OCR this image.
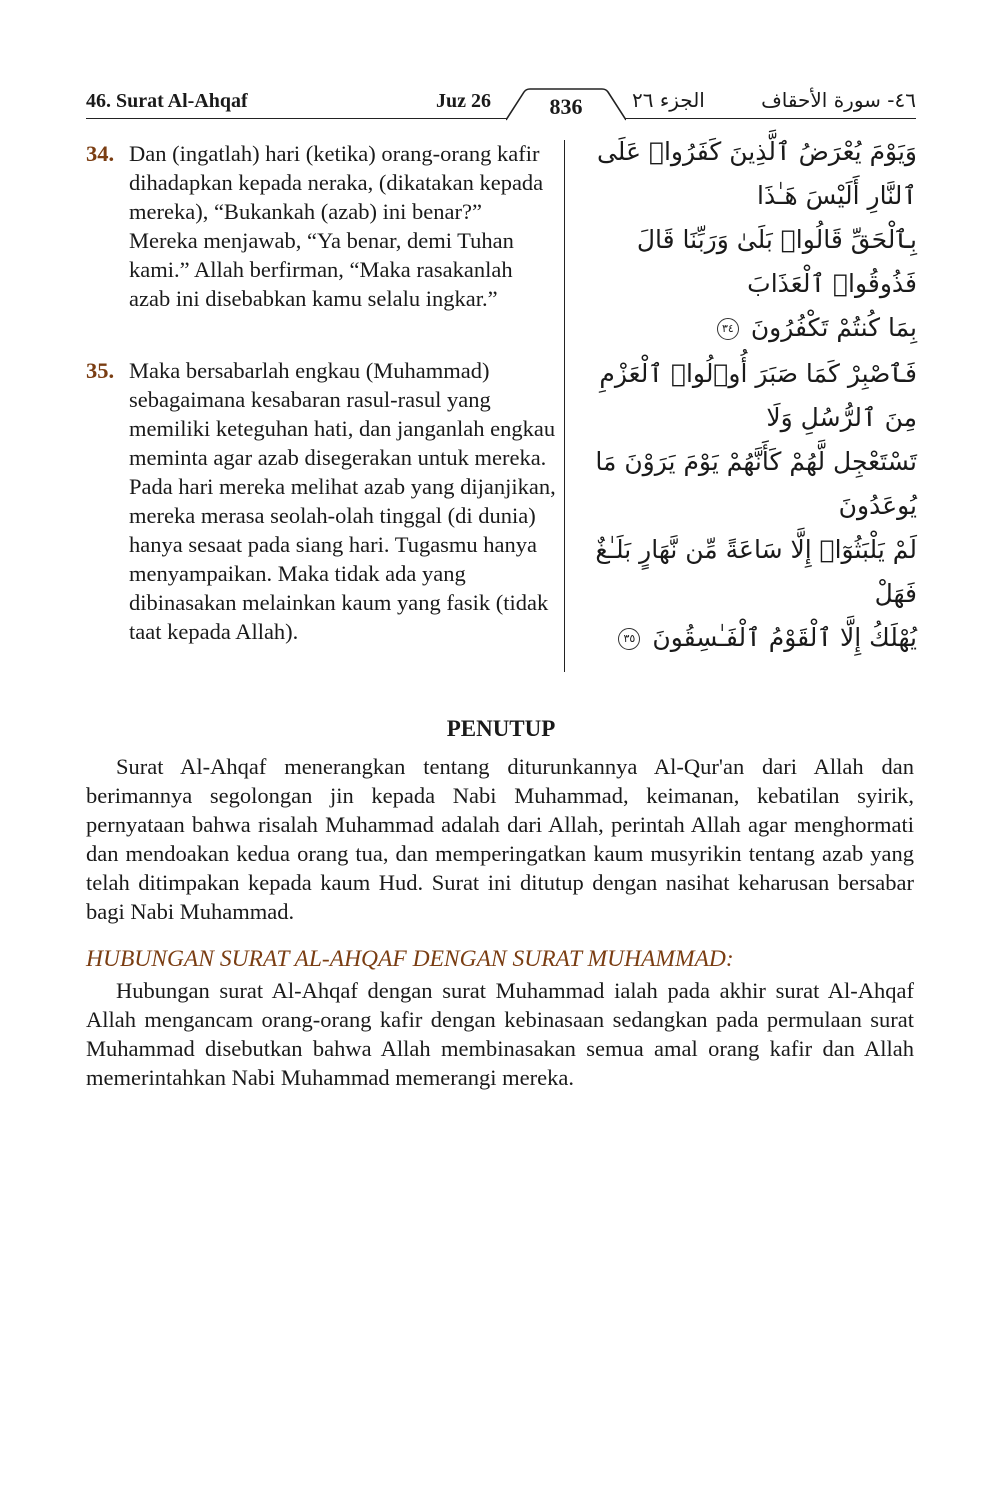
46. Surat Al-Ahqaf	Juz 26	836	الجزء ٢٦	٤٦- سورة الأحقاف
34. Dan (ingatlah) hari (ketika) orang-orang kafir dihadapkan kepada neraka, (dikatakan kepada mereka), “Bukankah (azab) ini benar?” Mereka menjawab, “Ya benar, demi Tuhan kami.” Allah berfirman, “Maka rasakanlah azab ini disebabkan kamu selalu ingkar.”
وَيَوْمَ يُعْرَضُ ٱلَّذِينَ كَفَرُوا۟ عَلَى ٱلنَّارِ أَلَيْسَ هَـٰذَا
بِٱلْحَقِّ قَالُوا۟ بَلَىٰ وَرَبِّنَا قَالَ فَذُوقُوا۟ ٱلْعَذَابَ
بِمَا كُنتُمْ تَكْفُرُونَ ٣٤
35. Maka bersabarlah engkau (Muhammad) sebagaimana kesabaran rasul-rasul yang memiliki keteguhan hati, dan janganlah engkau meminta agar azab disegerakan untuk mereka. Pada hari mereka melihat azab yang dijanjikan, mereka merasa seolah-olah tinggal (di dunia) hanya sesaat pada siang hari. Tugasmu hanya menyampaikan. Maka tidak ada yang dibinasakan melainkan kaum yang fasik (tidak taat kepada Allah).
فَٱصْبِرْ كَمَا صَبَرَ أُو۟لُوا۟ ٱلْعَزْمِ مِنَ ٱلرُّسُلِ وَلَا
تَسْتَعْجِل لَّهُمْ كَأَنَّهُمْ يَوْمَ يَرَوْنَ مَا يُوعَدُونَ
لَمْ يَلْبَثُوٓا۟ إِلَّا سَاعَةً مِّن نَّهَارٍ بَلَـٰغٌ فَهَلْ
يُهْلَكُ إِلَّا ٱلْقَوْمُ ٱلْفَـٰسِقُونَ ٣٥
PENUTUP
Surat Al-Ahqaf menerangkan tentang diturunkannya Al-Qur'an dari Allah dan berimannya segolongan jin kepada Nabi Muhammad, keimanan, kebatilan syirik, pernyataan bahwa risalah Muhammad adalah dari Allah, perintah Allah agar menghormati dan mendoakan kedua orang tua, dan memperingatkan kaum musyrikin tentang azab yang telah ditimpakan kepada kaum Hud. Surat ini ditutup dengan nasihat keharusan bersabar bagi Nabi Muhammad.
HUBUNGAN SURAT AL-AHQAF DENGAN SURAT MUHAMMAD:
Hubungan surat Al-Ahqaf dengan surat Muhammad ialah pada akhir surat Al-Ahqaf Allah mengancam orang-orang kafir dengan kebinasaan sedangkan pada permulaan surat Muhammad disebutkan bahwa Allah membinasakan semua amal orang kafir dan Allah memerintahkan Nabi Muhammad memerangi mereka.
